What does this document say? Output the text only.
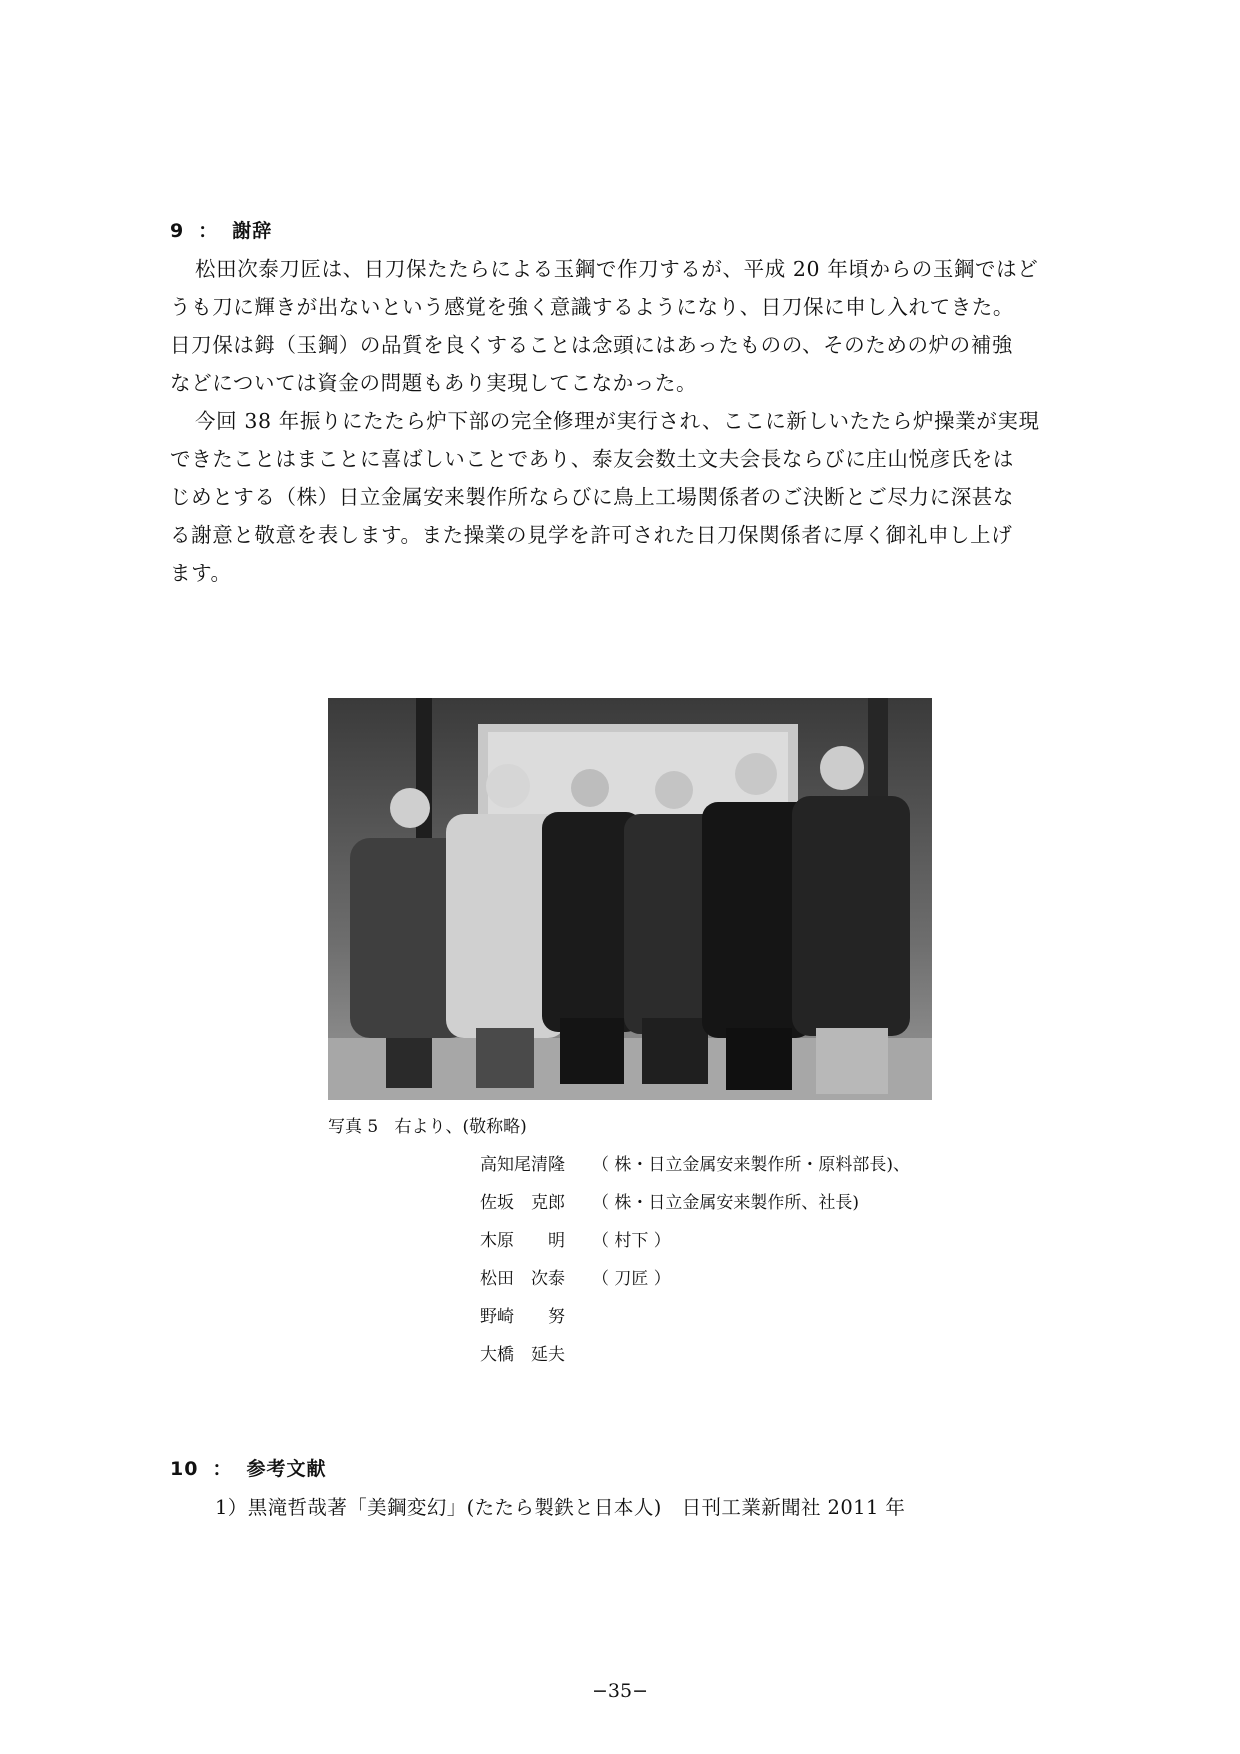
9 ： 謝辞
松田次泰刀匠は、日刀保たたらによる玉鋼で作刀するが、平成 20 年頃からの玉鋼ではど
うも刀に輝きが出ないという感覚を強く意識するようになり、日刀保に申し入れてきた。
日刀保は鉧（玉鋼）の品質を良くすることは念頭にはあったものの、そのための炉の補強
などについては資金の問題もあり実現してこなかった。
今回 38 年振りにたたら炉下部の完全修理が実行され、ここに新しいたたら炉操業が実現
できたことはまことに喜ばしいことであり、泰友会数土文夫会長ならびに庄山悦彦氏をは
じめとする（株）日立金属安来製作所ならびに鳥上工場関係者のご決断とご尽力に深甚な
る謝意と敬意を表します。また操業の見学を許可された日刀保関係者に厚く御礼申し上げ
ます。
写真 5 右より、(敬称略)
高知尾清隆 （ 株・日立金属安来製作所・原料部長)、
佐坂　克郎 （ 株・日立金属安来製作所、社長)
木原　　明 （ 村下 ）
松田　次泰 （ 刀匠 ）
野崎　　努
大橋　延夫
10 ： 参考文献
1）黒滝哲哉著「美鋼変幻」(たたら製鉄と日本人)　日刊工業新聞社 2011 年
−35−
